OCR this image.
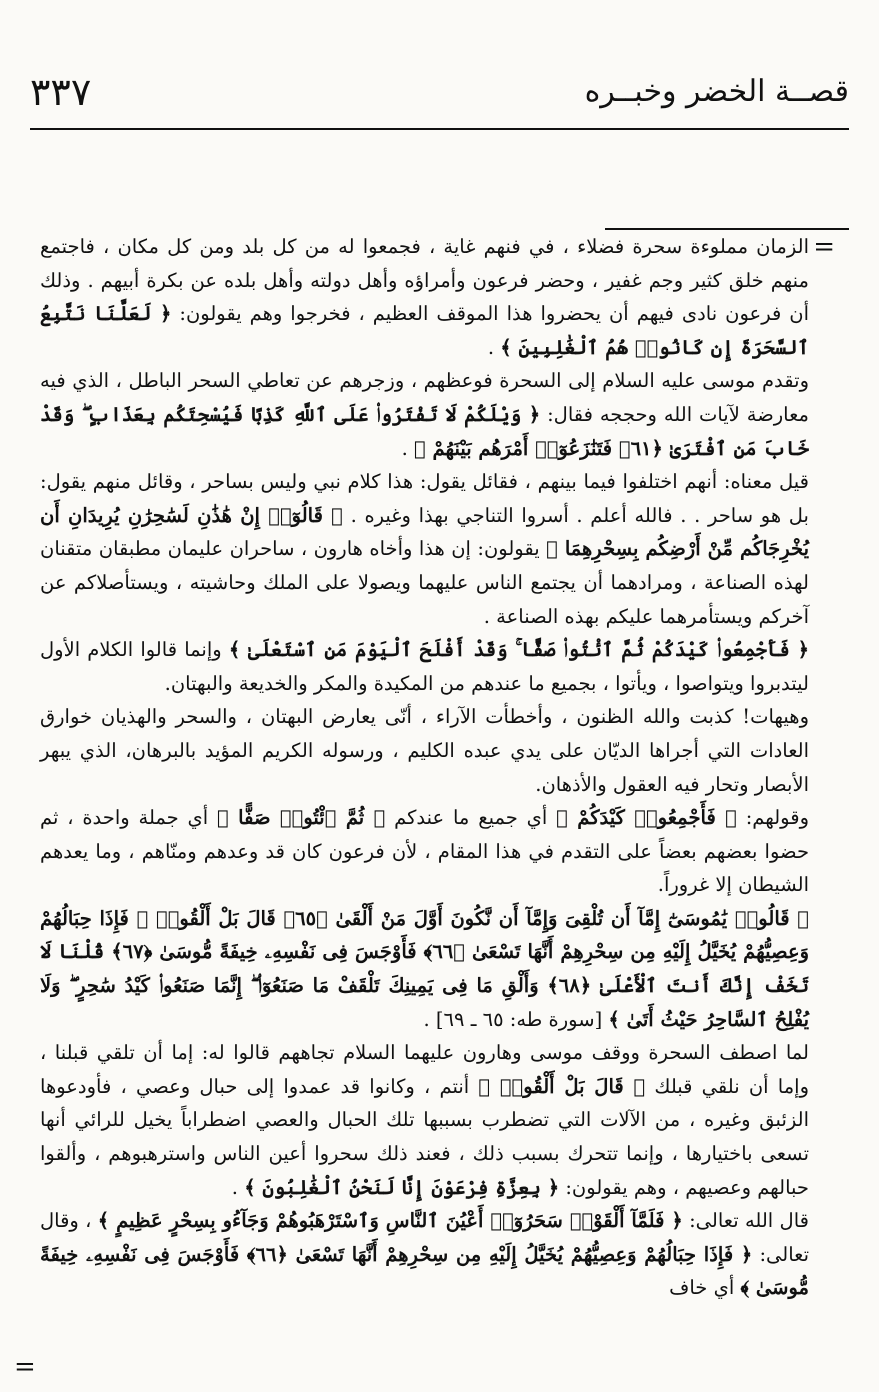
٣٣٧	قصــة الخضر وخبــره
=

الزمان مملوءة سحرة فضلاء ، في فنهم غاية ، فجمعوا له من كل بلد ومن كل مكان ، فاجتمع منهم خلق كثير وجم غفير ، وحضر فرعون وأمراؤه وأهل دولته وأهل بلده عن بكرة أبيهم . وذلك أن فرعون نادى فيهم أن يحضروا هذا الموقف العظيم ، فخرجوا وهم يقولون: ﴿ لَعَلَّنَا نَتَّبِعُ ٱلسَّحَرَةَ إِن كَانُوا۟ هُمُ ٱلْغَٰلِبِينَ ﴾ .

وتقدم موسى عليه السلام إلى السحرة فوعظهم ، وزجرهم عن تعاطي السحر الباطل ، الذي فيه معارضة لآيات الله وحججه فقال: ﴿ وَيْلَكُمْ لَا تَفْتَرُوا۟ عَلَى ٱللَّهِ كَذِبًا فَيُسْحِتَكُم بِعَذَابٍ ۖ وَقَدْ خَابَ مَنِ ٱفْتَرَىٰ ﴿٦١﴾ فَتَنَٰزَعُوٓا۟ أَمْرَهُم بَيْنَهُمْ ﴾ .

قيل معناه: أنهم اختلفوا فيما بينهم ، فقائل يقول: هذا كلام نبي وليس بساحر ، وقائل منهم يقول: بل هو ساحر . . فالله أعلم . أسروا التناجي بهذا وغيره . ﴿ قَالُوٓا۟ إِنْ هَٰذَٰنِ لَسَٰحِرَٰنِ يُرِيدَانِ أَن يُخْرِجَاكُم مِّنْ أَرْضِكُم بِسِحْرِهِمَا ﴾ يقولون: إن هذا وأخاه هارون ، ساحران عليمان مطبقان متقنان لهذه الصناعة ، ومرادهما أن يجتمع الناس عليهما ويصولا على الملك وحاشيته ، ويستأصلاكم عن آخركم ويستأمرهما عليكم بهذه الصناعة .

﴿ فَأَجْمِعُوا۟ كَيْدَكُمْ ثُمَّ ٱئْتُوا۟ صَفًّا ۚ وَقَدْ أَفْلَحَ ٱلْيَوْمَ مَنِ ٱسْتَعْلَىٰ ﴾ وإنما قالوا الكلام الأول ليتدبروا ويتواصوا ، ويأتوا ، بجميع ما عندهم من المكيدة والمكر والخديعة والبهتان.

وهيهات! كذبت والله الظنون ، وأخطأت الآراء ، أنّى يعارض البهتان ، والسحر والهذيان خوارق العادات التي أجراها الديّان على يدي عبده الكليم ، ورسوله الكريم المؤيد بالبرهان، الذي يبهر الأبصار وتحار فيه العقول والأذهان.

وقولهم: ﴿ فَأَجْمِعُوا۟ كَيْدَكُمْ ﴾ أي جميع ما عندكم ﴿ ثُمَّ ٱئْتُوا۟ صَفًّا ﴾ أي جملة واحدة ، ثم حضوا بعضهم بعضاً على التقدم في هذا المقام ، لأن فرعون كان قد وعدهم ومنّاهم ، وما يعدهم الشيطان إلا غروراً.

﴿ قَالُوا۟ يَٰمُوسَىٰٓ إِمَّآ أَن تُلْقِىَ وَإِمَّآ أَن نَّكُونَ أَوَّلَ مَنْ أَلْقَىٰ ﴿٦٥﴾ قَالَ بَلْ أَلْقُوا۟ ۖ فَإِذَا حِبَالُهُمْ وَعِصِيُّهُمْ يُخَيَّلُ إِلَيْهِ مِن سِحْرِهِمْ أَنَّهَا تَسْعَىٰ ﴿٦٦﴾ فَأَوْجَسَ فِى نَفْسِهِۦ خِيفَةً مُّوسَىٰ ﴿٦٧﴾ قُلْنَا لَا تَخَفْ إِنَّكَ أَنتَ ٱلْأَعْلَىٰ ﴿٦٨﴾ وَأَلْقِ مَا فِى يَمِينِكَ تَلْقَفْ مَا صَنَعُوٓا۟ ۖ إِنَّمَا صَنَعُوا۟ كَيْدُ سَٰحِرٍ ۖ وَلَا يُفْلِحُ ٱلسَّاحِرُ حَيْثُ أَتَىٰ ﴾ [سورة طه: ٦٥ ـ ٦٩] .

لما اصطف السحرة ووقف موسى وهارون عليهما السلام تجاههم قالوا له: إما أن تلقي قبلنا ، وإما أن نلقي قبلك ﴿ قَالَ بَلْ أَلْقُوا۟ ﴾ أنتم ، وكانوا قد عمدوا إلى حبال وعصي ، فأودعوها الزئبق وغيره ، من الآلات التي تضطرب بسببها تلك الحبال والعصي اضطراباً يخيل للرائي أنها تسعى باختيارها ، وإنما تتحرك بسبب ذلك ، فعند ذلك سحروا أعين الناس واسترهبوهم ، وألقوا حبالهم وعصيهم ، وهم يقولون: ﴿ بِعِزَّةِ فِرْعَوْنَ إِنَّا لَنَحْنُ ٱلْغَٰلِبُونَ ﴾ .

قال الله تعالى: ﴿ فَلَمَّآ أَلْقَوْا۟ سَحَرُوٓا۟ أَعْيُنَ ٱلنَّاسِ وَٱسْتَرْهَبُوهُمْ وَجَآءُو بِسِحْرٍ عَظِيمٍ ﴾ ، وقال تعالى: ﴿ فَإِذَا حِبَالُهُمْ وَعِصِيُّهُمْ يُخَيَّلُ إِلَيْهِ مِن سِحْرِهِمْ أَنَّهَا تَسْعَىٰ ﴿٦٦﴾ فَأَوْجَسَ فِى نَفْسِهِۦ خِيفَةً مُّوسَىٰ ﴾ أي خاف

=
